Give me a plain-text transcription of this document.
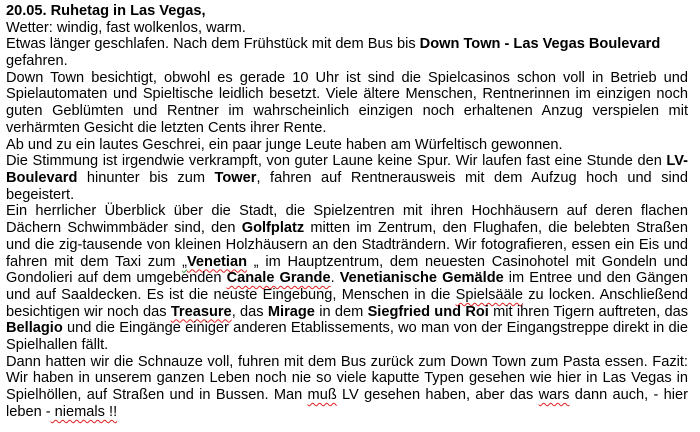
20.05. Ruhetag in Las Vegas,
Wetter: windig, fast wolkenlos, warm.
Etwas länger geschlafen. Nach dem Frühstück mit dem Bus bis Down Town - Las Vegas Boulevard
gefahren.
Down Town besichtigt, obwohl es gerade 10 Uhr ist sind die Spielcasinos schon voll in Betrieb und Spielautomaten und Spieltische leidlich besetzt. Viele ältere Menschen, Rentnerinnen im einzigen noch guten Geblümten und Rentner im wahrscheinlich einzigen noch erhaltenen Anzug verspielen mit verhärmten Gesicht die letzten Cents ihrer Rente.
Ab und zu ein lautes Geschrei, ein paar junge Leute haben am Würfeltisch gewonnen.
Die Stimmung ist irgendwie verkrampft, von guter Laune keine Spur. Wir laufen fast eine Stunde den LV-Boulevard hinunter bis zum Tower, fahren auf Rentnerausweis mit dem Aufzug hoch und sind begeistert.
Ein herrlicher Überblick über die Stadt, die Spielzentren mit ihren Hochhäusern auf deren flachen Dächern Schwimmbäder sind, den Golfplatz mitten im Zentrum, den Flughafen, die belebten Straßen und die zig-tausende von kleinen Holzhäusern an den Stadträndern. Wir fotografieren, essen ein Eis und fahren mit dem Taxi zum „Venetian „ im Hauptzentrum, dem neuesten Casinohotel mit Gondeln und Gondolieri auf dem umgebenden Canale Grande. Venetianische Gemälde im Entree und den Gängen und auf Saaldecken. Es ist die neuste Eingebung, Menschen in die Spielsääle zu locken. Anschließend besichtigen wir noch das Treasure, das Mirage in dem Siegfried und Roi mit ihren Tigern auftreten, das Bellagio und die Eingänge einiger anderen Etablissements, wo man von der Eingangstreppe direkt in die Spielhallen fällt.
Dann hatten wir die Schnauze voll, fuhren mit dem Bus zurück zum Down Town zum Pasta essen. Fazit: Wir haben in unserem ganzen Leben noch nie so viele kaputte Typen gesehen wie hier in Las Vegas in Spielhöllen, auf Straßen und in Bussen. Man muß LV gesehen haben, aber das wars dann auch, - hier leben - niemals !!
